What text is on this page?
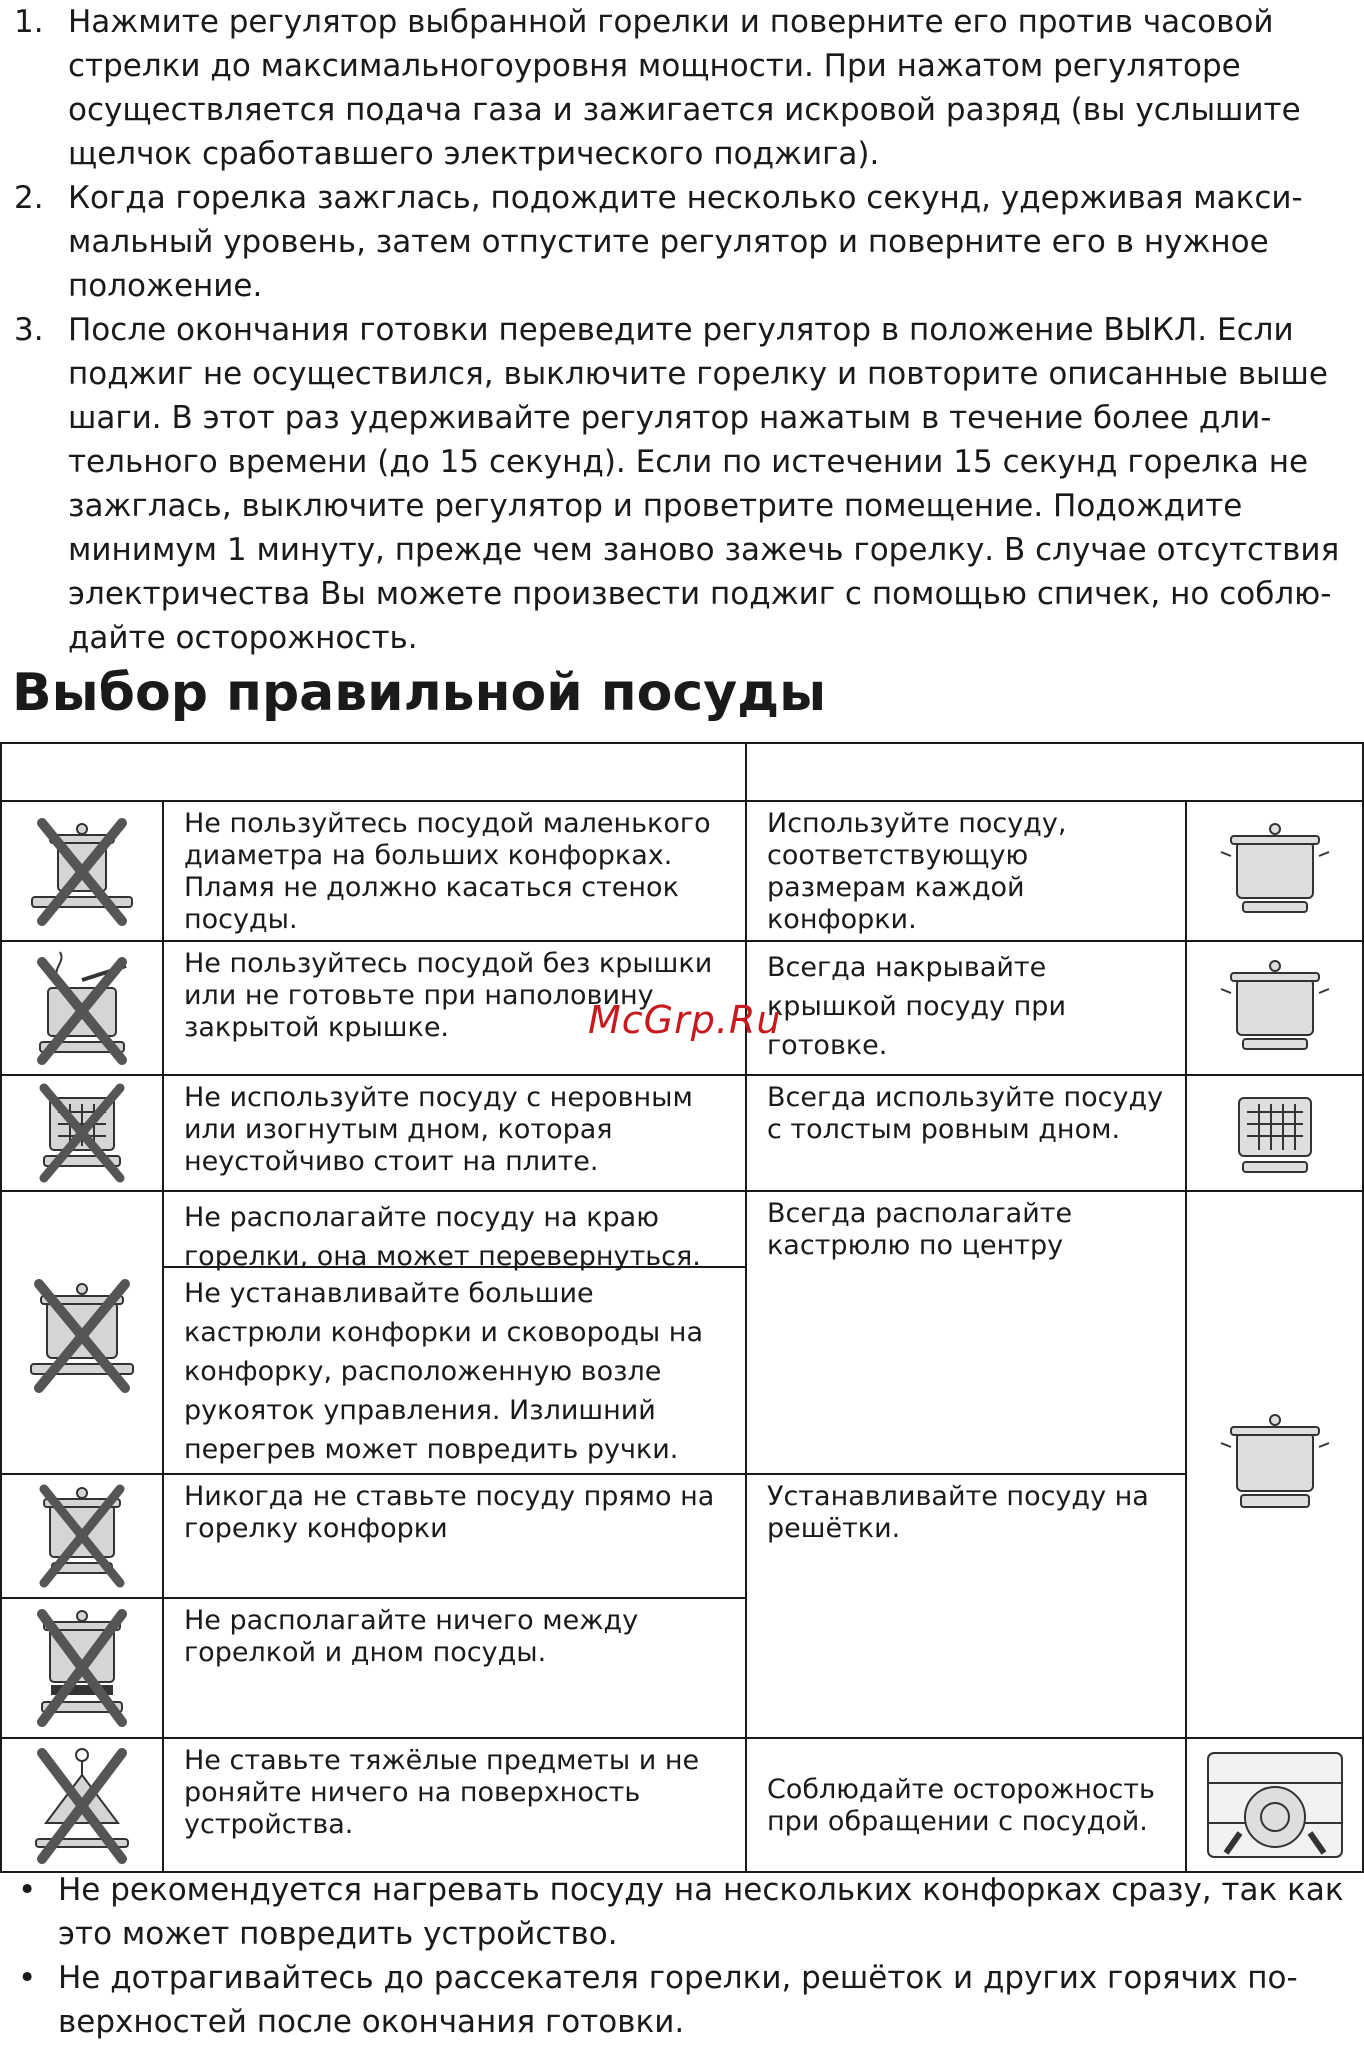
1. Нажмите регулятор выбранной горелки и поверните его против часовой стрелки до максимальногоуровня мощности. При нажатом регуляторе осуществляется подача газа и зажигается искровой разряд (вы услышите щелчок сработавшего электрического поджига).
2. Когда горелка зажглась, подождите несколько секунд, удерживая макси-мальный уровень, затем отпустите регулятор и поверните его в нужное положение.
3. После окончания готовки переведите регулятор в положение ВЫКЛ. Если поджиг не осуществился, выключите горелку и повторите описанные выше шаги. В этот раз удерживайте регулятор нажатым в течение более дли-тельного времени (до 15 секунд). Если по истечении 15 секунд горелка не зажглась, выключите регулятор и проветрите помещение. Подождите минимум 1 минуту, прежде чем заново зажечь горелку. В случае отсутствия электричества Вы можете произвести поджиг с помощью спичек, но соблю-дайте осторожность.
Выбор правильной посуды

Не пользуйтесь посудой маленького диаметра на больших конфорках. Пламя не должно касаться стенок посуды.	Используйте посуду, соответствующую размерам каждой конфорки.

Не пользуйтесь посудой без крышки или не готовьте при наполовину закрытой крышке.	Всегда накрывайте крышкой посуду при готовке.

Не используйте посуду с неровным или изогнутым дном, которая неустойчиво стоит на плите.	Всегда используйте посуду с толстым ровным дном.

Не располагайте посуду на краю горелки, она может перевернуться.
Не устанавливайте большие кастрюли конфорки и сковороды на конфорку, расположенную возле рукояток управления. Излишний перегрев может повредить ручки.	Всегда располагайте кастрюлю по центру

Никогда не ставьте посуду прямо на горелку конфорки	Устанавливайте посуду на решётки.	

Не располагайте ничего между горелкой и дном посуды.		

Не ставьте тяжёлые предметы и не роняйте ничего на поверхность устройства.	Соблюдайте осторожность при обращении с посудой.

McGrp.Ru
• Не рекомендуется нагревать посуду на нескольких конфорках сразу, так как это может повредить устройство.
• Не дотрагивайтесь до рассекателя горелки, решёток и других горячих по-верхностей после окончания готовки.
